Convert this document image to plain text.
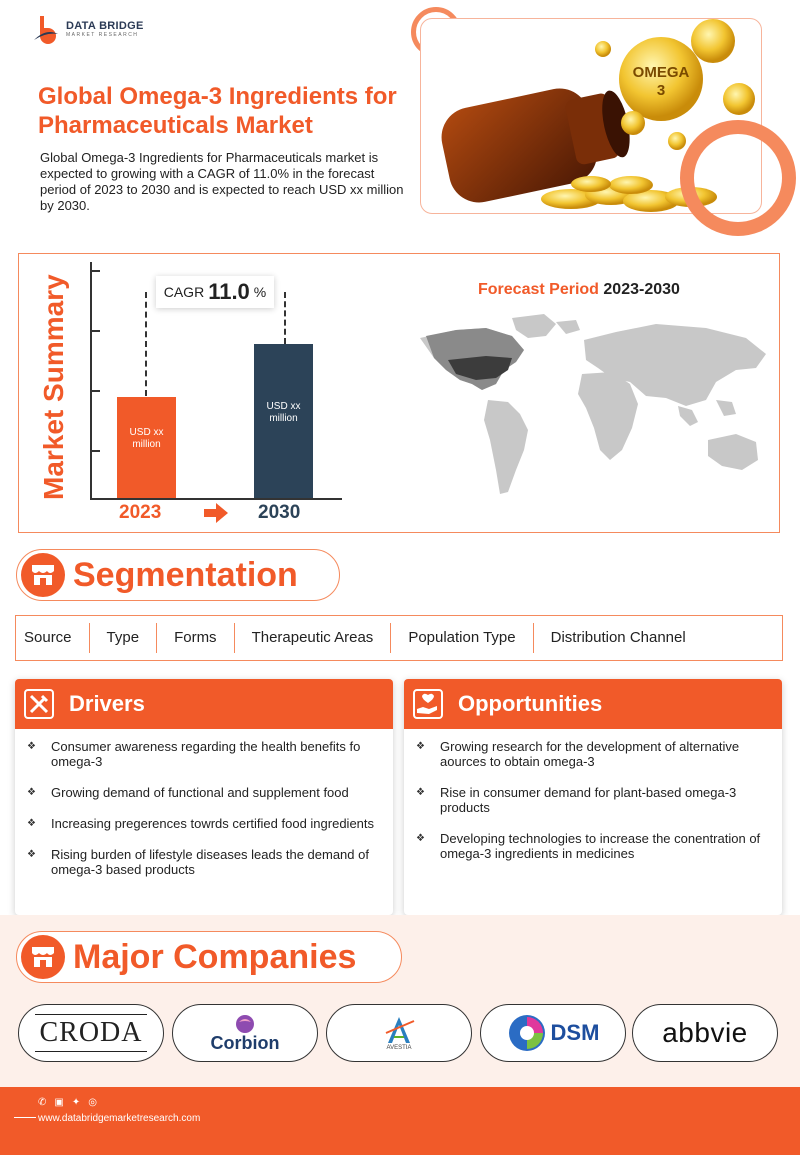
DATA BRIDGE
MARKET RESEARCH
Global Omega-3 Ingredients for Pharmaceuticals Market
Global Omega-3 Ingredients for Pharmaceuticals market is expected to growing with a CAGR of 11.0% in the forecast period of 2023 to 2030 and is expected to reach USD xx million by 2030.
OMEGA
3
Market Summary	USD xx million
USD xx million
CAGR 11.0 %
2023	2030
Forecast Period 2023-2030
Segmentation
Source	Type	Forms	Therapeutic Areas	Population Type	Distribution Channel
Drivers
❖ Consumer awareness regarding the health benefits fo omega-3
❖ Growing demand of functional and supplement food
❖ Increasing pregerences towrds certified food ingredients
❖ Rising burden of lifestyle diseases leads the demand of omega-3 based products
Opportunities
❖ Growing research for the development of alternative aources to obtain omega-3
❖ Rise in consumer demand for plant-based omega-3 products
❖ Developing technologies to increase the conentration of omega-3 ingredients in medicines
Major Companies
CRODA	Corbion	AVESTIA
DSM abbvie
✆ ▣ ✦ ◎
www.databridgemarketresearch.com
